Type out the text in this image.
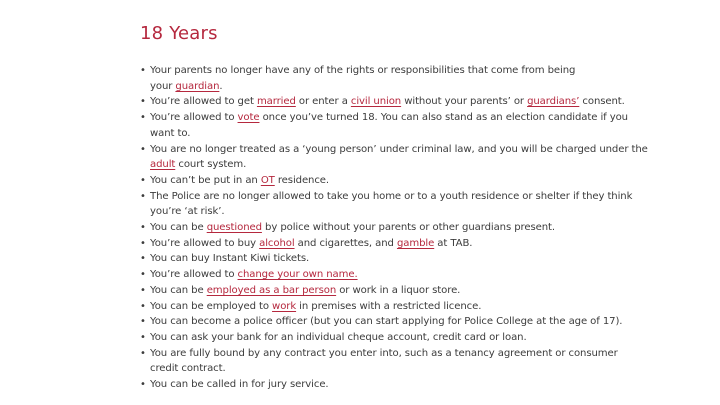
18 Years
• Your parents no longer have any of the rights or responsibilities that come from being
your guardian.
• You’re allowed to get married or enter a civil union without your parents’ or guardians’ consent.
• You’re allowed to vote once you’ve turned 18. You can also stand as an election candidate if you
want to.
• You are no longer treated as a ‘young person’ under criminal law, and you will be charged under the
adult court system.
• You can’t be put in an OT residence.
• The Police are no longer allowed to take you home or to a youth residence or shelter if they think
you’re ‘at risk’.
• You can be questioned by police without your parents or other guardians present.
• You’re allowed to buy alcohol and cigarettes, and gamble at TAB.
• You can buy Instant Kiwi tickets.
• You’re allowed to change your own name.
• You can be employed as a bar person or work in a liquor store.
• You can be employed to work in premises with a restricted licence.
• You can become a police officer (but you can start applying for Police College at the age of 17).
• You can ask your bank for an individual cheque account, credit card or loan.
• You are fully bound by any contract you enter into, such as a tenancy agreement or consumer
credit contract.
• You can be called in for jury service.
